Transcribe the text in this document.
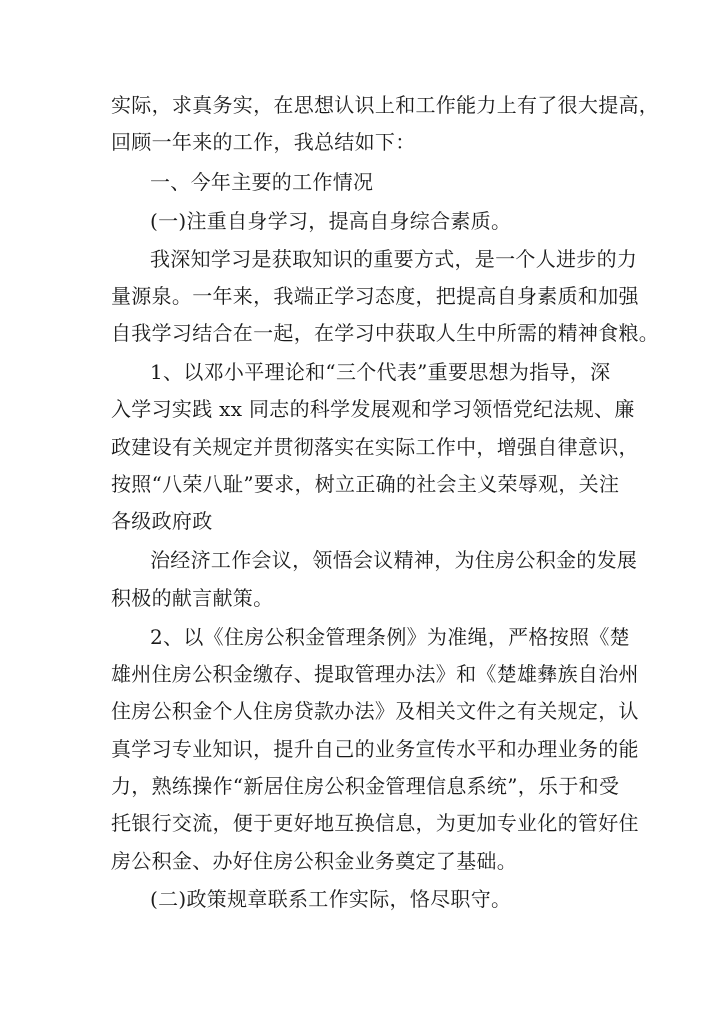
实际，求真务实，在思想认识上和工作能力上有了很大提高，
回顾一年来的工作，我总结如下：
一、今年主要的工作情况
(一)注重自身学习，提高自身综合素质。
我深知学习是获取知识的重要方式，是一个人进步的力
量源泉。一年来，我端正学习态度，把提高自身素质和加强
自我学习结合在一起，在学习中获取人生中所需的精神食粮。
1、以邓小平理论和“三个代表”重要思想为指导，深
入学习实践 xx 同志的科学发展观和学习领悟党纪法规、廉
政建设有关规定并贯彻落实在实际工作中，增强自律意识，
按照“八荣八耻”要求，树立正确的社会主义荣辱观，关注
各级政府政
治经济工作会议，领悟会议精神，为住房公积金的发展
积极的献言献策。
2、以《住房公积金管理条例》为准绳，严格按照《楚
雄州住房公积金缴存、提取管理办法》和《楚雄彝族自治州
住房公积金个人住房贷款办法》及相关文件之有关规定，认
真学习专业知识，提升自己的业务宣传水平和办理业务的能
力，熟练操作“新居住房公积金管理信息系统”，乐于和受
托银行交流，便于更好地互换信息，为更加专业化的管好住
房公积金、办好住房公积金业务奠定了基础。
(二)政策规章联系工作实际，恪尽职守。
